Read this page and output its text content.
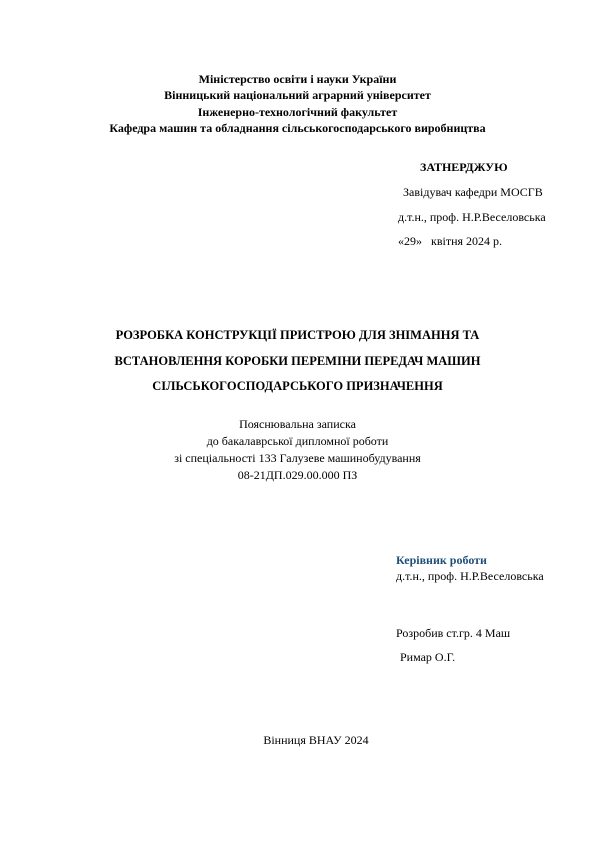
Міністерство освіти і науки України
Вінницький національний аграрний університет
Інженерно-технологічний факультет
Кафедра машин та обладнання сільськогосподарського виробництва
ЗАТНЕРДЖУЮ
Завідувач кафедри МОСГВ
д.т.н., проф. Н.Р.Веселовська
«29» квітня 2024 р.
РОЗРОБКА КОНСТРУКЦІЇ ПРИСТРОЮ ДЛЯ ЗНІМАННЯ ТА
ВСТАНОВЛЕННЯ КОРОБКИ ПЕРЕМІНИ ПЕРЕДАЧ МАШИН
СІЛЬСЬКОГОСПОДАРСЬКОГО ПРИЗНАЧЕННЯ
Пояснювальна записка
до бакалаврської дипломної роботи
зі спеціальності 133 Галузеве машинобудування
08-21ДП.029.00.000 ПЗ
Керівник роботи
д.т.н., проф. Н.Р.Веселовська
Розробив ст.гр. 4 Маш
Римар О.Г.
Вінниця ВНАУ 2024
